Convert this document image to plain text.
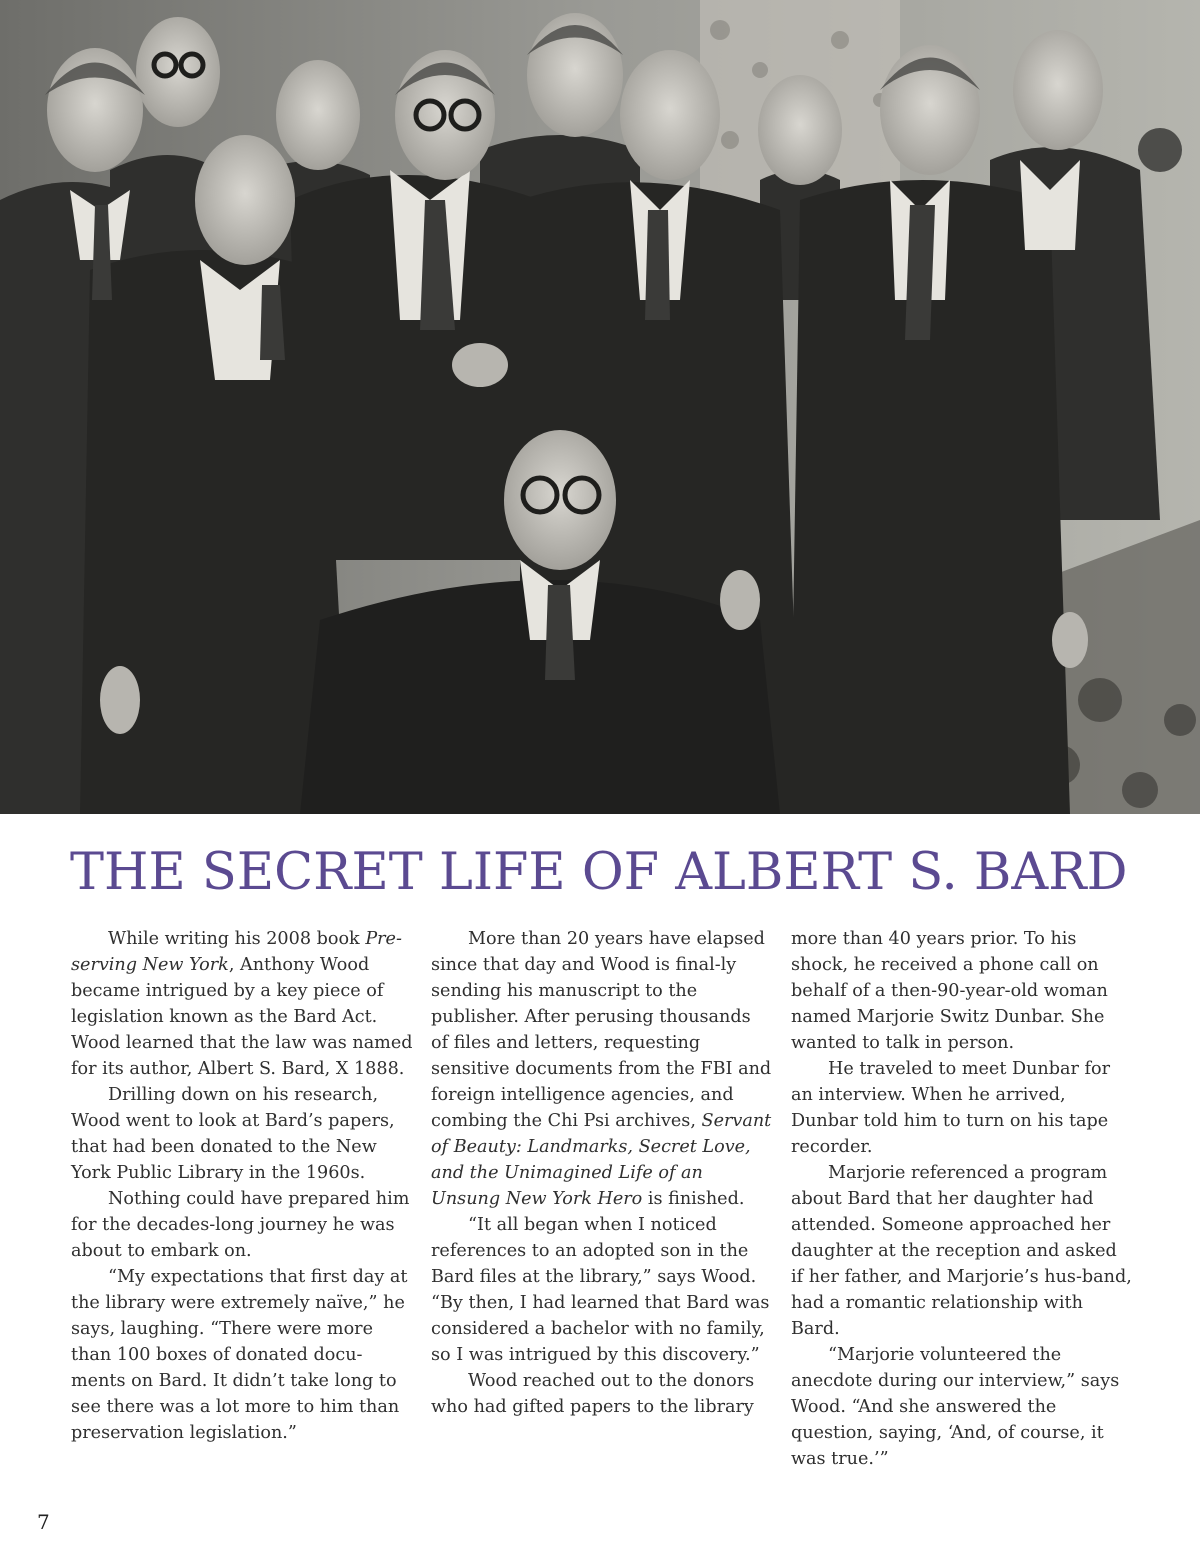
THE SECRET LIFE OF ALBERT S. BARD

While writing his 2008 book Pre-serving New York, Anthony Wood became intrigued by a key piece of legislation known as the Bard Act. Wood learned that the law was named for its author, Albert S. Bard, X 1888.

Drilling down on his research, Wood went to look at Bard’s papers, that had been donated to the New York Public Library in the 1960s.

Nothing could have prepared him for the decades-long journey he was about to embark on.

“My expectations that first day at the library were extremely naïve,” he says, laughing. “There were more than 100 boxes of donated docu-ments on Bard. It didn’t take long to see there was a lot more to him than preservation legislation.”

More than 20 years have elapsed since that day and Wood is final-ly sending his manuscript to the publisher. After perusing thousands of files and letters, requesting sensitive documents from the FBI and foreign intelligence agencies, and combing the Chi Psi archives, Servant of Beauty: Landmarks, Secret Love, and the Unimagined Life of an Unsung New York Hero is finished.

“It all began when I noticed references to an adopted son in the Bard files at the library,” says Wood. “By then, I had learned that Bard was considered a bachelor with no family, so I was intrigued by this discovery.”

Wood reached out to the donors who had gifted papers to the library

more than 40 years prior. To his shock, he received a phone call on behalf of a then-90-year-old woman named Marjorie Switz Dunbar. She wanted to talk in person.

He traveled to meet Dunbar for an interview. When he arrived, Dunbar told him to turn on his tape recorder.

Marjorie referenced a program about Bard that her daughter had attended. Someone approached her daughter at the reception and asked if her father, and Marjorie’s hus-band, had a romantic relationship with Bard.

“Marjorie volunteered the anecdote during our interview,” says Wood. “And she answered the question, saying, ‘And, of course, it was true.’”

7
